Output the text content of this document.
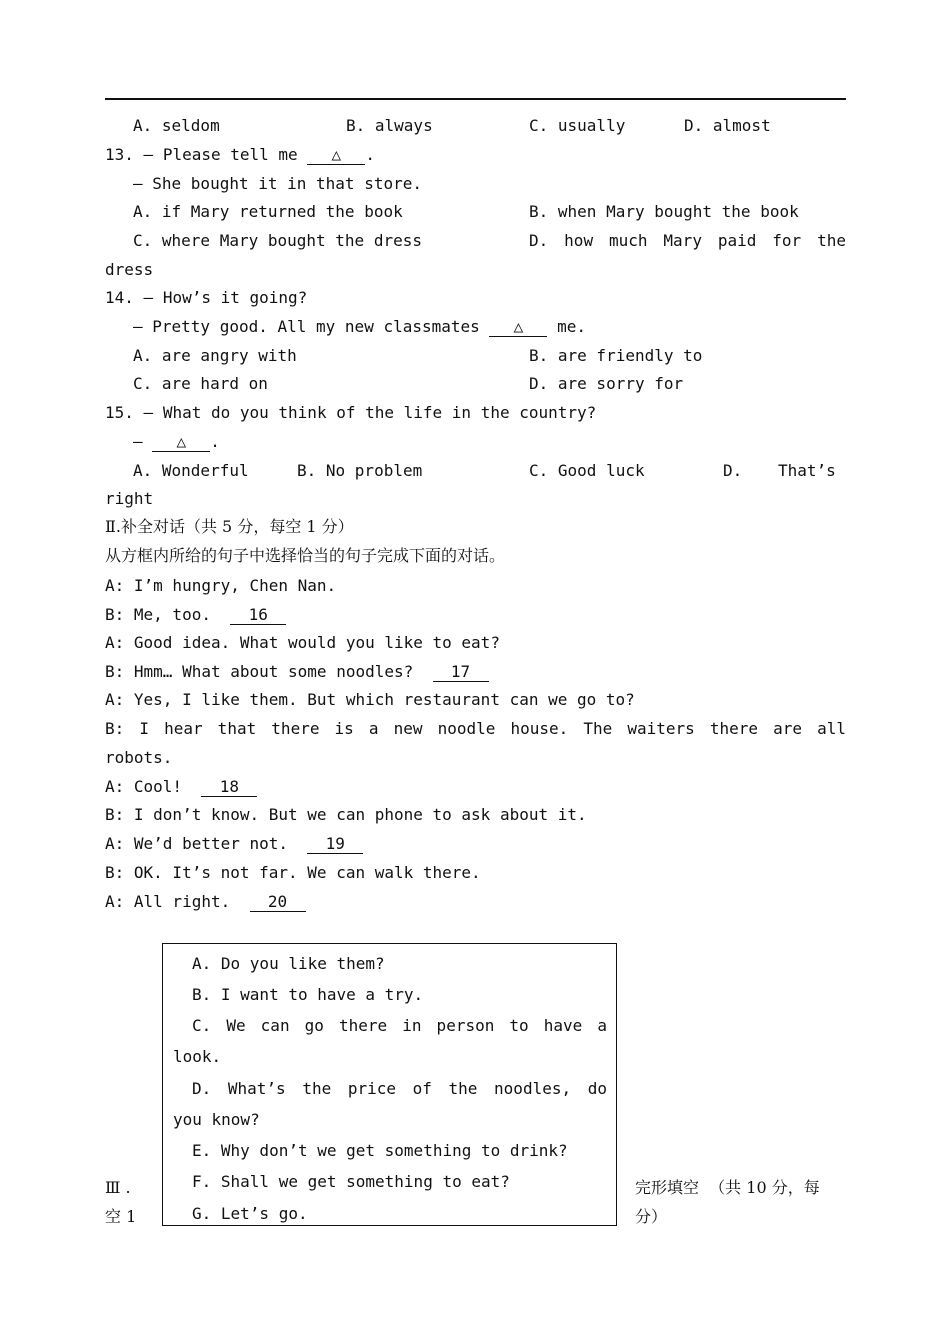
A. seldom	B. always	C. usually	D. almost
13. — Please tell me △ .
— She bought it in that store.
A. if Mary returned the book	B. when Mary bought the book
C. where Mary bought the dress	D. how much Mary paid for the
dress
14. — How’s it going?
— Pretty good. All my new classmates △ me.
A. are angry with	B. are friendly to
C. are hard on	D. are sorry for
15. — What do you think of the life in the country?
— △ .
A. Wonderful	B. No problem	C. Good luck	D. That’s
right
Ⅱ.补全对话（共 5 分，每空 1 分）
从方框内所给的句子中选择恰当的句子完成下面的对话。
A: I’m hungry, Chen Nan.
B: Me, too. 16
A: Good idea. What would you like to eat?
B: Hmm… What about some noodles? 17
A: Yes, I like them. But which restaurant can we go to?
B: I hear that there is a new noodle house. The waiters there are all
robots.
A: Cool! 18
B: I don’t know. But we can phone to ask about it.
A: We’d better not. 19
B: OK. It’s not far. We can walk there.
A: All right. 20
A. Do you like them?
B. I want to have a try.
C. We can go there in person to have a
look.
D. What’s the price of the noodles, do
you know?
E. Why don’t we get something to drink?
F. Shall we get something to eat?
G. Let’s go.
Ⅲ .
空 1
完形填空  （共 10 分，每
分）
